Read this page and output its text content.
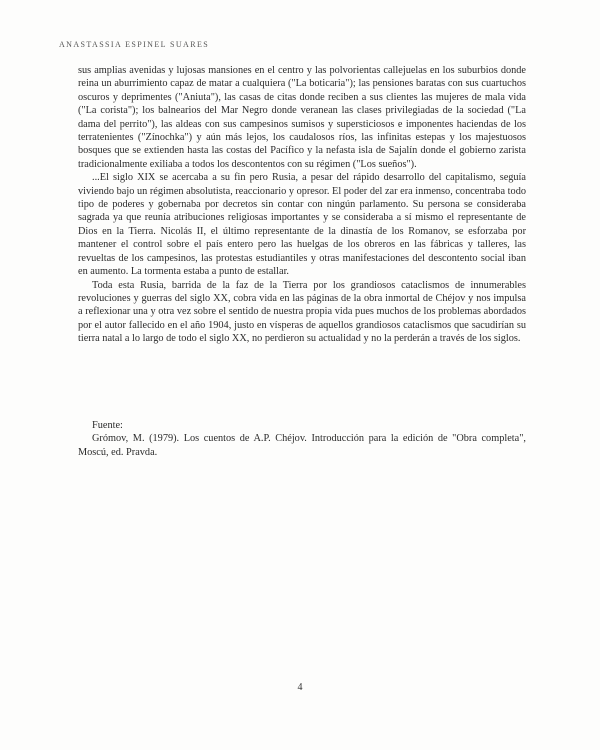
ANASTASSIA ESPINEL SUARES

sus amplias avenidas y lujosas mansiones en el centro y las polvorientas callejuelas en los suburbios donde reina un aburrimiento capaz de matar a cualquiera ("La boticaria"); las pensiones baratas con sus cuartuchos oscuros y deprimentes ("Aniuta"), las casas de citas donde reciben a sus clientes las mujeres de mala vida ("La corista"); los balnearios del Mar Negro donde veranean las clases privilegiadas de la sociedad ("La dama del perrito"), las aldeas con sus campesinos sumisos y supersticiosos e imponentes haciendas de los terratenientes ("Zínochka") y aún más lejos, los caudalosos ríos, las infinitas estepas y los majestuosos bosques que se extienden hasta las costas del Pacífico y la nefasta isla de Sajalín donde el gobierno zarista tradicionalmente exiliaba a todos los descontentos con su régimen ("Los sueños").

...El siglo XIX se acercaba a su fin pero Rusia, a pesar del rápido desarrollo del capitalismo, seguía viviendo bajo un régimen absolutista, reaccionario y opresor. El poder del zar era inmenso, concentraba todo tipo de poderes y gobernaba por decretos sin contar con ningún parlamento. Su persona se consideraba sagrada ya que reunía atribuciones religiosas importantes y se consideraba a sí mismo el representante de Dios en la Tierra. Nicolás II, el último representante de la dinastía de los Romanov, se esforzaba por mantener el control sobre el país entero pero las huelgas de los obreros en las fábricas y talleres, las revueltas de los campesinos, las protestas estudiantiles y otras manifestaciones del descontento social iban en aumento. La tormenta estaba a punto de estallar.

Toda esta Rusia, barrida de la faz de la Tierra por los grandiosos cataclismos de innumerables revoluciones y guerras del siglo XX, cobra vida en las páginas de la obra inmortal de Chéjov y nos impulsa a reflexionar una y otra vez sobre el sentido de nuestra propia vida pues muchos de los problemas abordados por el autor fallecido en el año 1904, justo en vísperas de aquellos grandiosos cataclismos que sacudirían su tierra natal a lo largo de todo el siglo XX, no perdieron su actualidad y no la perderán a través de los siglos.

Fuente:

Grómov, M. (1979). Los cuentos de A.P. Chéjov. Introducción para la edición de "Obra completa", Moscú, ed. Pravda.

4
